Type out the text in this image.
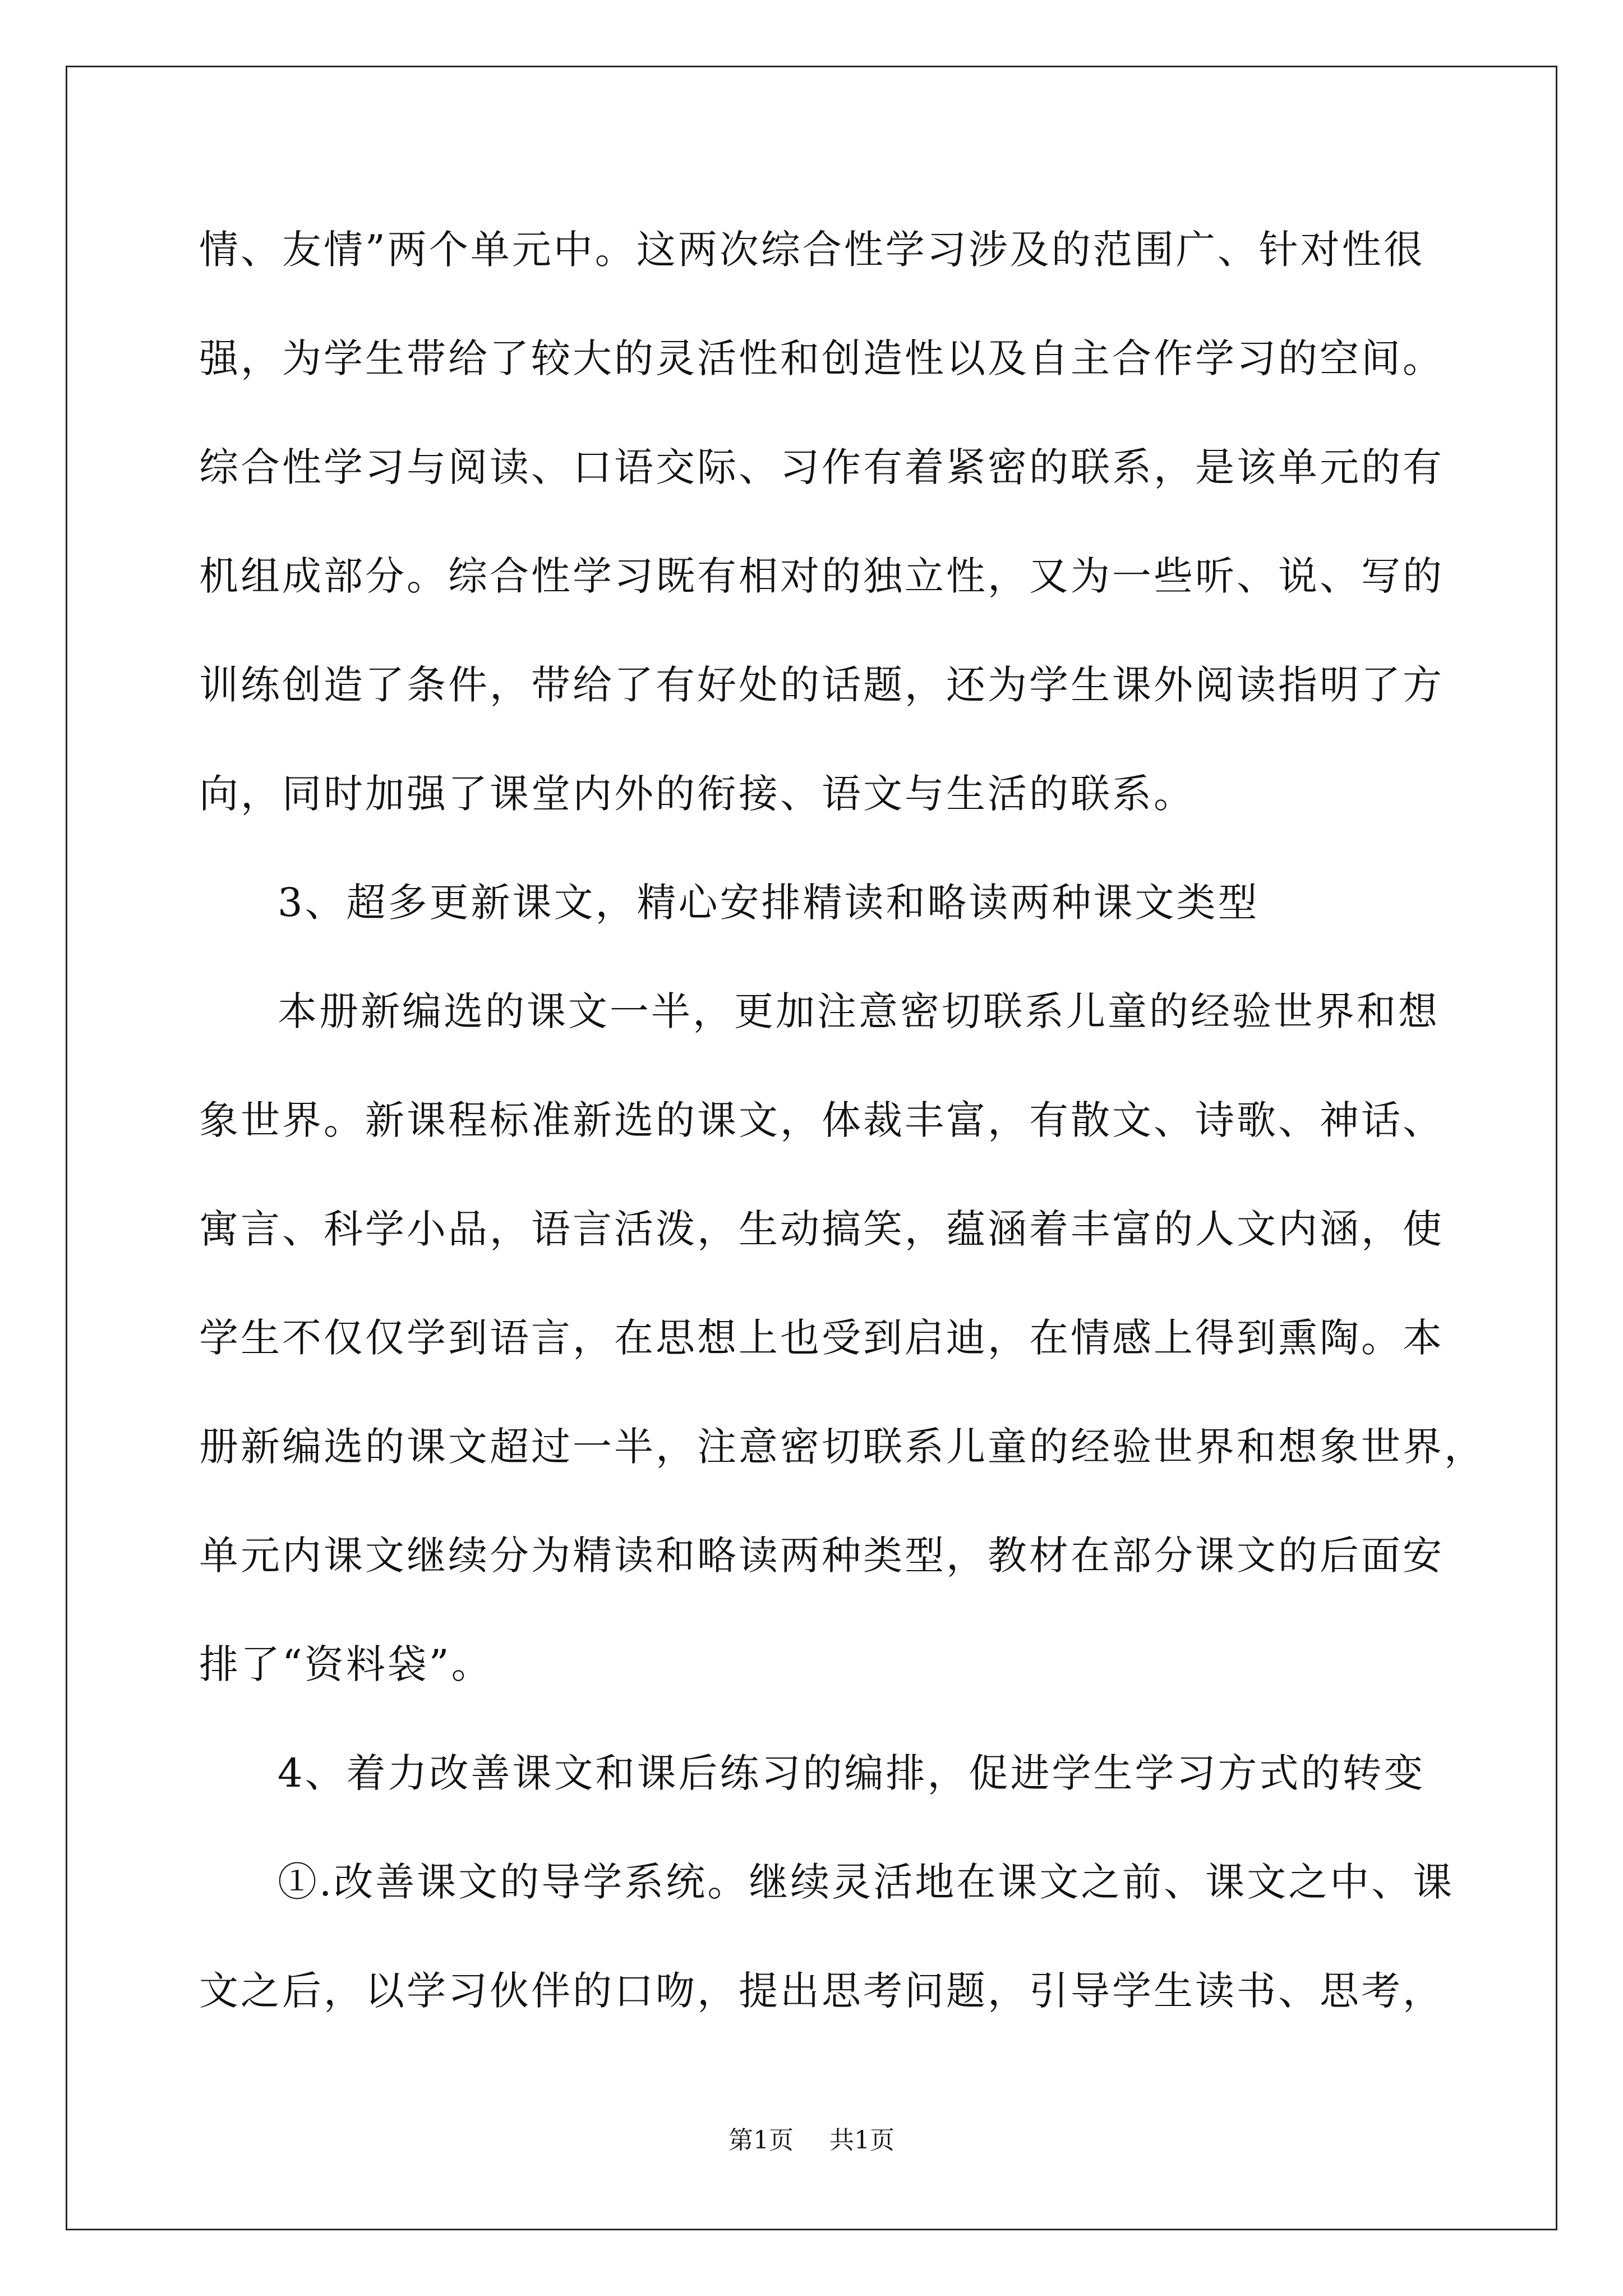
情、友情”两个单元中。这两次综合性学习涉及的范围广、针对性很
强，为学生带给了较大的灵活性和创造性以及自主合作学习的空间。
综合性学习与阅读、口语交际、习作有着紧密的联系，是该单元的有
机组成部分。综合性学习既有相对的独立性，又为一些听、说、写的
训练创造了条件，带给了有好处的话题，还为学生课外阅读指明了方
向，同时加强了课堂内外的衔接、语文与生活的联系。
3、超多更新课文，精心安排精读和略读两种课文类型
本册新编选的课文一半，更加注意密切联系儿童的经验世界和想
象世界。新课程标准新选的课文，体裁丰富，有散文、诗歌、神话、
寓言、科学小品，语言活泼，生动搞笑，蕴涵着丰富的人文内涵，使
学生不仅仅学到语言，在思想上也受到启迪，在情感上得到熏陶。本
册新编选的课文超过一半，注意密切联系儿童的经验世界和想象世界，
单元内课文继续分为精读和略读两种类型，教材在部分课文的后面安
排了“资料袋”。
4、着力改善课文和课后练习的编排，促进学生学习方式的转变
①.改善课文的导学系统。继续灵活地在课文之前、课文之中、课
文之后，以学习伙伴的口吻，提出思考问题，引导学生读书、思考，
第1页 共1页
